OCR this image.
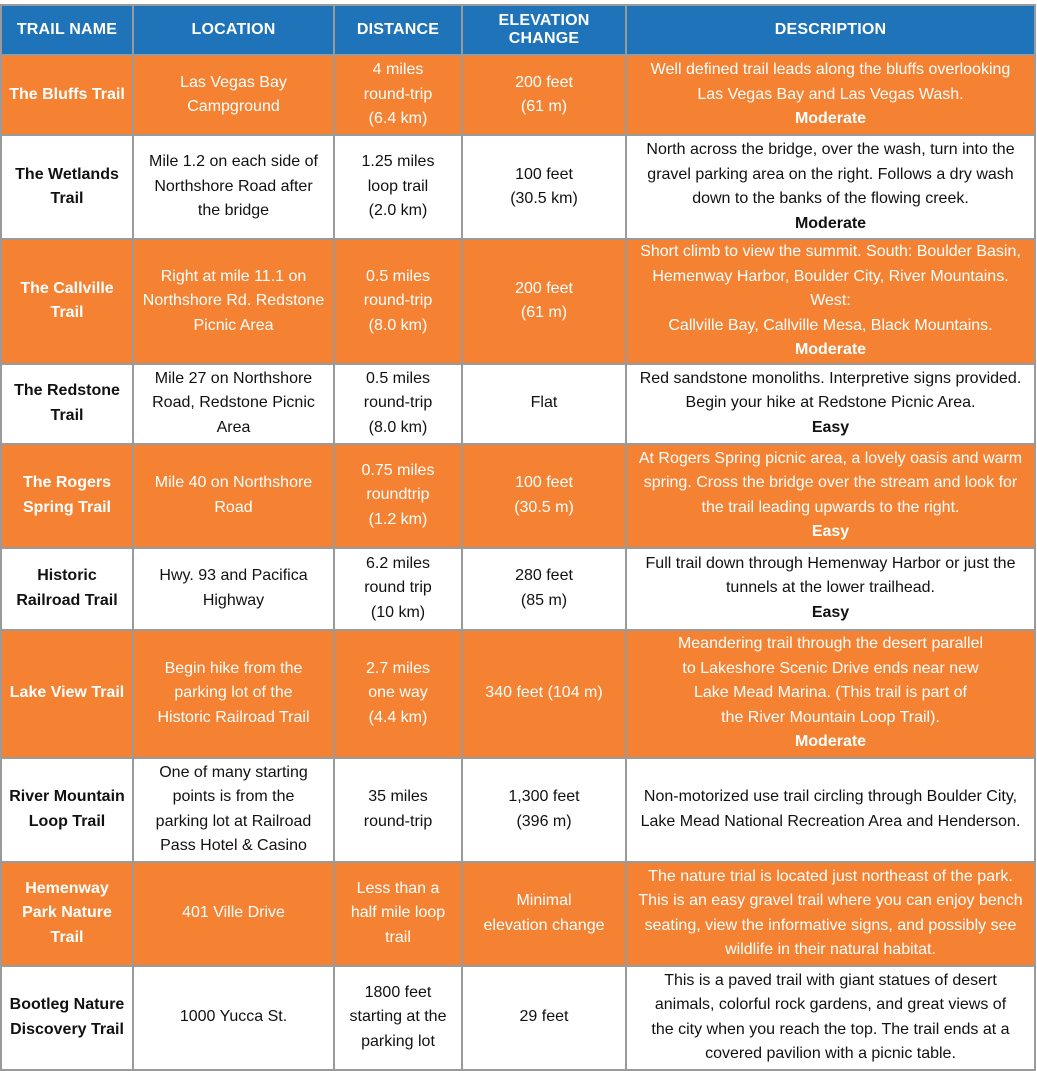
TRAIL NAME	LOCATION	DISTANCE	ELEVATION CHANGE	DESCRIPTION
The Bluffs Trail	Las Vegas Bay
Campground	4 miles
round-trip
(6.4 km)	200 feet
(61 m)	Well defined trail leads along the bluffs overlooking
Las Vegas Bay and Las Vegas Wash.
Moderate

The Wetlands
Trail	Mile 1.2 on each side of
Northshore Road after
the bridge	1.25 miles
loop trail
(2.0 km)	100 feet
(30.5 km)	North across the bridge, over the wash, turn into the
gravel parking area on the right. Follows a dry wash
down to the banks of the flowing creek.
Moderate

The Callville
Trail	Right at mile 11.1 on
Northshore Rd. Redstone
Picnic Area	0.5 miles
round-trip
(8.0 km)	200 feet
(61 m)	Short climb to view the summit. South: Boulder Basin,
Hemenway Harbor, Boulder City, River Mountains. West:
Callville Bay, Callville Mesa, Black Mountains.
Moderate

The Redstone
Trail	Mile 27 on Northshore
Road, Redstone Picnic
Area	0.5 miles
round-trip
(8.0 km)	Flat	Red sandstone monoliths. Interpretive signs provided.
Begin your hike at Redstone Picnic Area.
Easy

The Rogers
Spring Trail	Mile 40 on Northshore
Road	0.75 miles
roundtrip
(1.2 km)	100 feet
(30.5 m)	At Rogers Spring picnic area, a lovely oasis and warm
spring. Cross the bridge over the stream and look for
the trail leading upwards to the right.
Easy

Historic
Railroad Trail	Hwy. 93 and Pacifica
Highway	6.2 miles
round trip
(10 km)	280 feet
(85 m)	Full trail down through Hemenway Harbor or just the
tunnels at the lower trailhead.
Easy

Lake View Trail	Begin hike from the
parking lot of the
Historic Railroad Trail	2.7 miles
one way
(4.4 km)	340 feet (104 m)	Meandering trail through the desert parallel
to Lakeshore Scenic Drive ends near new
Lake Mead Marina. (This trail is part of
the River Mountain Loop Trail).
Moderate

River Mountain
Loop Trail	One of many starting
points is from the
parking lot at Railroad
Pass Hotel & Casino	35 miles
round-trip	1,300 feet
(396 m)	Non-motorized use trail circling through Boulder City,
Lake Mead National Recreation Area and Henderson.
Hemenway
Park Nature
Trail	401 Ville Drive	Less than a
half mile loop
trail	Minimal
elevation change	The nature trial is located just northeast of the park.
This is an easy gravel trail where you can enjoy bench
seating, view the informative signs, and possibly see
wildlife in their natural habitat.
Bootleg Nature
Discovery Trail	1000 Yucca St.	1800 feet
starting at the
parking lot	29 feet	This is a paved trail with giant statues of desert
animals, colorful rock gardens, and great views of
the city when you reach the top. The trail ends at a
covered pavilion with a picnic table.
